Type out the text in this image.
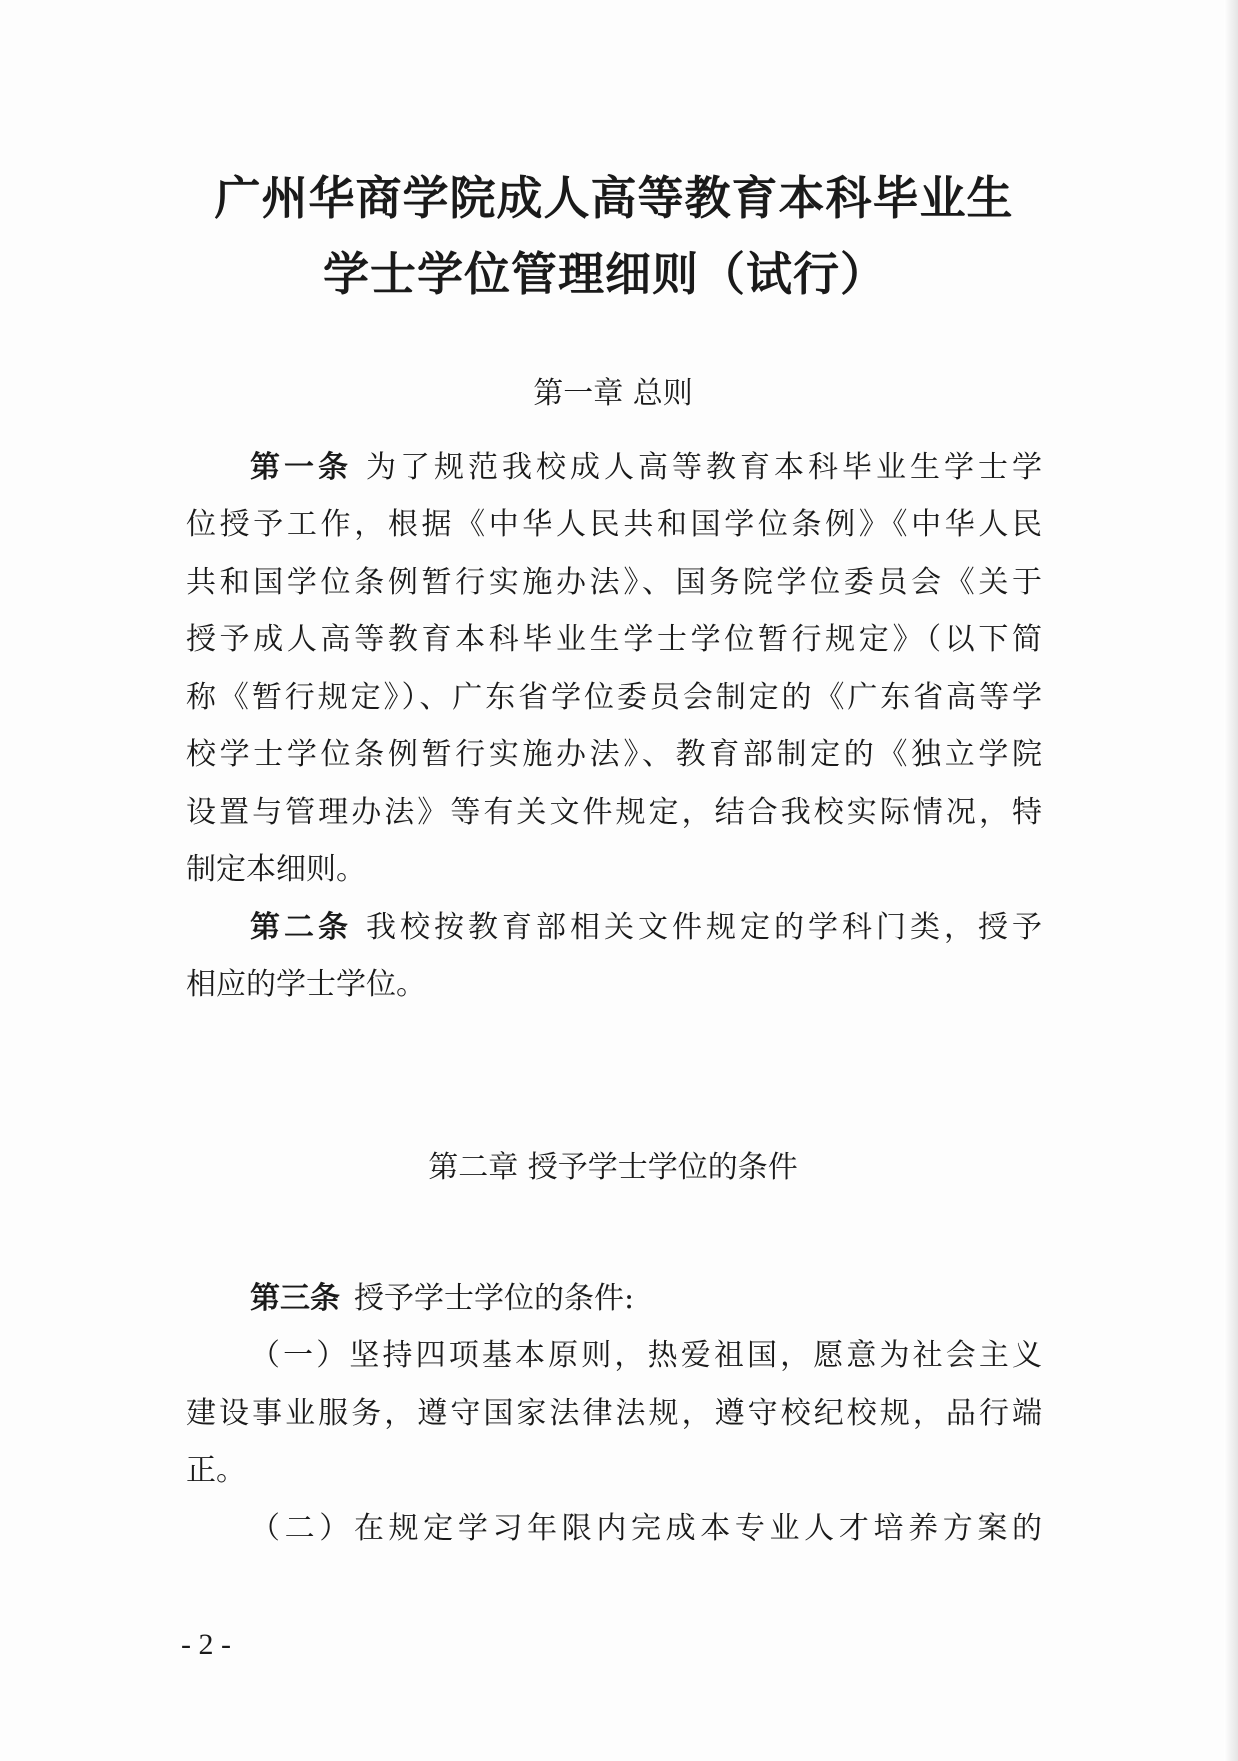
广州华商学院成人高等教育本科毕业生
学士学位管理细则（试行）
第一章 总则
第一条 为了规范我校成人高等教育本科毕业生学士学
位授予工作，根据《中华人民共和国学位条例》《中华人民
共和国学位条例暂行实施办法》、国务院学位委员会《关于
授予成人高等教育本科毕业生学士学位暂行规定》（以下简
称《暂行规定》）、广东省学位委员会制定的《广东省高等学
校学士学位条例暂行实施办法》、教育部制定的《独立学院
设置与管理办法》等有关文件规定，结合我校实际情况，特
制定本细则。
第二条 我校按教育部相关文件规定的学科门类，授予
相应的学士学位。
第二章 授予学士学位的条件
第三条 授予学士学位的条件:
（一）坚持四项基本原则，热爱祖国，愿意为社会主义
建设事业服务，遵守国家法律法规，遵守校纪校规，品行端
正。
（二）在规定学习年限内完成本专业人才培养方案的
- 2 -
